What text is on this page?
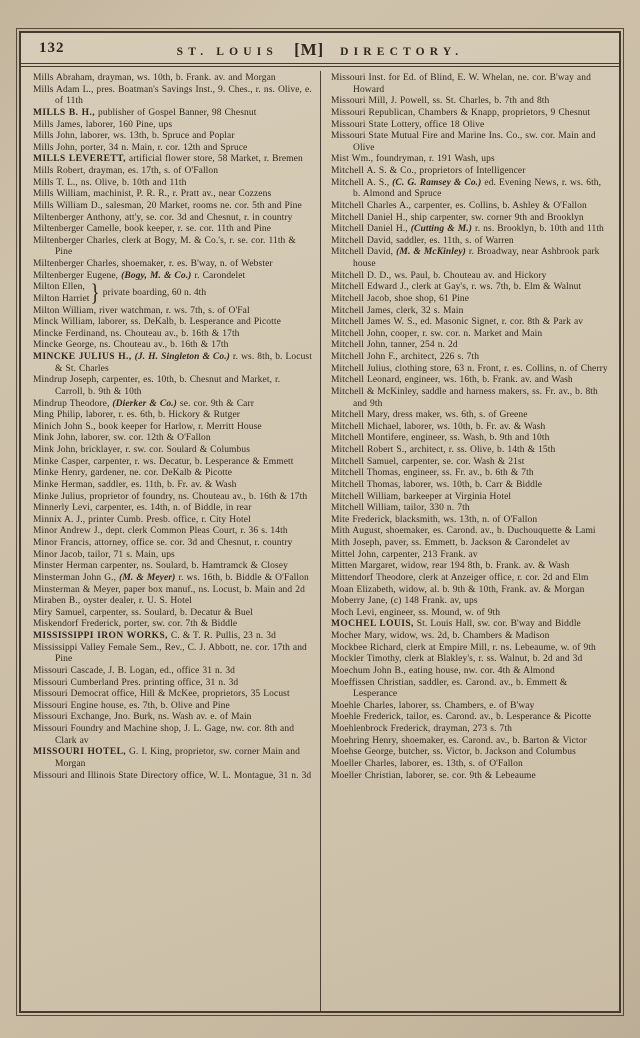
132	ST. LOUIS [M] DIRECTORY.

Mills Abraham, drayman, ws. 10th, b. Frank. av. and Morgan

Mills Adam L., pres. Boatman's Savings Inst., 9. Ches., r. ns. Olive, e. of 11th

MILLS B. H., publisher of Gospel Banner, 98 Chesnut

Mills James, laborer, 160 Pine, ups

Mills John, laborer, ws. 13th, b. Spruce and Poplar

Mills John, porter, 34 n. Main, r. cor. 12th and Spruce

MILLS LEVERETT, artificial flower store, 58 Market, r. Bremen

Mills Robert, drayman, es. 17th, s. of O'Fallon

Mills T. L., ns. Olive, b. 10th and 11th

Mills William, machinist, P. R. R., r. Pratt av., near Cozzens

Mills William D., salesman, 20 Market, rooms ne. cor. 5th and Pine

Miltenberger Anthony, att'y, se. cor. 3d and Chesnut, r. in country

Miltenberger Camelle, book keeper, r. se. cor. 11th and Pine

Miltenberger Charles, clerk at Bogy, M. & Co.'s, r. se. cor. 11th & Pine

Miltenberger Charles, shoemaker, r. es. B'way, n. of Webster

Miltenberger Eugene, (Bogy, M. & Co.) r. Carondelet

Milton Ellen,
Milton Harriet } private boarding, 60 n. 4th

Milton William, river watchman, r. ws. 7th, s. of O'Fal

Minck William, laborer, ss. DeKalb, b. Lesperance and Picotte

Mincke Ferdinand, ns. Chouteau av., b. 16th & 17th

Mincke George, ns. Chouteau av., b. 16th & 17th

MINCKE JULIUS H., (J. H. Singleton & Co.) r. ws. 8th, b. Locust & St. Charles

Mindrup Joseph, carpenter, es. 10th, b. Chesnut and Market, r. Carroll, b. 9th & 10th

Mindrup Theodore, (Dierker & Co.) se. cor. 9th & Carr

Ming Philip, laborer, r. es. 6th, b. Hickory & Rutger

Minich John S., book keeper for Harlow, r. Merritt House

Mink John, laborer, sw. cor. 12th & O'Fallon

Mink John, bricklayer, r. sw. cor. Soulard & Columbus

Minke Casper, carpenter, r. ws. Decatur, b. Lesperance & Emmett

Minke Henry, gardener, ne. cor. DeKalb & Picotte

Minke Herman, saddler, es. 11th, b. Fr. av. & Wash

Minke Julius, proprietor of foundry, ns. Chouteau av., b. 16th & 17th

Minnerly Levi, carpenter, es. 14th, n. of Biddle, in rear

Minnix A. J., printer Cumb. Presb. office, r. City Hotel

Minor Andrew J., dept. clerk Common Pleas Court, r. 36 s. 14th

Minor Francis, attorney, office se. cor. 3d and Chesnut, r. country

Minor Jacob, tailor, 71 s. Main, ups

Minster Herman carpenter, ns. Soulard, b. Hamtramck & Closey

Minsterman John G., (M. & Meyer) r. ws. 16th, b. Biddle & O'Fallon

Minsterman & Meyer, paper box manuf., ns. Locust, b. Main and 2d

Miraben B., oyster dealer, r. U. S. Hotel

Miry Samuel, carpenter, ss. Soulard, b. Decatur & Buel

Miskendorf Frederick, porter, sw. cor. 7th & Biddle

MISSISSIPPI IRON WORKS, C. & T. R. Pullis, 23 n. 3d

Mississippi Valley Female Sem., Rev., C. J. Abbott, ne. cor. 17th and Pine

Missouri Cascade, J. B. Logan, ed., office 31 n. 3d

Missouri Cumberland Pres. printing office, 31 n. 3d

Missouri Democrat office, Hill & McKee, proprietors, 35 Locust

Missouri Engine house, es. 7th, b. Olive and Pine

Missouri Exchange, Jno. Burk, ns. Wash av. e. of Main

Missouri Foundry and Machine shop, J. L. Gage, nw. cor. 8th and Clark av

MISSOURI HOTEL, G. I. King, proprietor, sw. corner Main and Morgan

Missouri and Illinois State Directory office, W. L. Montague, 31 n. 3d

Missouri Inst. for Ed. of Blind, E. W. Whelan, ne. cor. B'way and Howard

Missouri Mill, J. Powell, ss. St. Charles, b. 7th and 8th

Missouri Republican, Chambers & Knapp, proprietors, 9 Chesnut

Missouri State Lottery, office 18 Olive

Missouri State Mutual Fire and Marine Ins. Co., sw. cor. Main and Olive

Mist Wm., foundryman, r. 191 Wash, ups

Mitchell A. S. & Co., proprietors of Intelligencer

Mitchell A. S., (C. G. Ramsey & Co.) ed. Evening News, r. ws. 6th, b. Almond and Spruce

Mitchell Charles A., carpenter, es. Collins, b. Ashley & O'Fallon

Mitchell Daniel H., ship carpenter, sw. corner 9th and Brooklyn

Mitchell Daniel H., (Cutting & M.) r. ns. Brooklyn, b. 10th and 11th

Mitchell David, saddler, es. 11th, s. of Warren

Mitchell David, (M. & McKinley) r. Broadway, near Ashbrook park house

Mitchell D. D., ws. Paul, b. Chouteau av. and Hickory

Mitchell Edward J., clerk at Gay's, r. ws. 7th, b. Elm & Walnut

Mitchell Jacob, shoe shop, 61 Pine

Mitchell James, clerk, 32 s. Main

Mitchell James W. S., ed. Masonic Signet, r. cor. 8th & Park av

Mitchell John, cooper, r. sw. cor. n. Market and Main

Mitchell John, tanner, 254 n. 2d

Mitchell John F., architect, 226 s. 7th

Mitchell Julius, clothing store, 63 n. Front, r. es. Collins, n. of Cherry

Mitchell Leonard, engineer, ws. 16th, b. Frank. av. and Wash

Mitchell & McKinley, saddle and harness makers, ss. Fr. av., b. 8th and 9th

Mitchell Mary, dress maker, ws. 6th, s. of Greene

Mitchell Michael, laborer, ws. 10th, b. Fr. av. & Wash

Mitchell Montifere, engineer, ss. Wash, b. 9th and 10th

Mitchell Robert S., architect, r. ss. Olive, b. 14th & 15th

Mitchell Samuel, carpenter, se. cor. Wash & 21st

Mitchell Thomas, engineer, ss. Fr. av., b. 6th & 7th

Mitchell Thomas, laborer, ws. 10th, b. Carr & Biddle

Mitchell William, barkeeper at Virginia Hotel

Mitchell William, tailor, 330 n. 7th

Mite Frederick, blacksmith, ws. 13th, n. of O'Fallon

Mith August, shoemaker, es. Carond. av., b. Duchouquette & Lami

Mith Joseph, paver, ss. Emmett, b. Jackson & Carondelet av

Mittel John, carpenter, 213 Frank. av

Mitten Margaret, widow, rear 194 8th, b. Frank. av. & Wash

Mittendorf Theodore, clerk at Anzeiger office, r. cor. 2d and Elm

Moan Elizabeth, widow, al. b. 9th & 10th, Frank. av. & Morgan

Moberry Jane, (c) 148 Frank. av, ups

Moch Levi, engineer, ss. Mound, w. of 9th

MOCHEL LOUIS, St. Louis Hall, sw. cor. B'way and Biddle

Mocher Mary, widow, ws. 2d, b. Chambers & Madison

Mockbee Richard, clerk at Empire Mill, r. ns. Lebeaume, w. of 9th

Mockler Timothy, clerk at Blakley's, r. ss. Walnut, b. 2d and 3d

Moechum John B., eating house, nw. cor. 4th & Almond

Moeffissen Christian, saddler, es. Carond. av., b. Emmett & Lesperance

Moehle Charles, laborer, ss. Chambers, e. of B'way

Moehle Frederick, tailor, es. Carond. av., b. Lesperance & Picotte

Moehlenbrock Frederick, drayman, 273 s. 7th

Moehring Henry, shoemaker, es. Carond. av., b. Barton & Victor

Moehse George, butcher, ss. Victor, b. Jackson and Columbus

Moeller Charles, laborer, es. 13th, s. of O'Fallon

Moeller Christian, laborer, se. cor. 9th & Lebeaume
